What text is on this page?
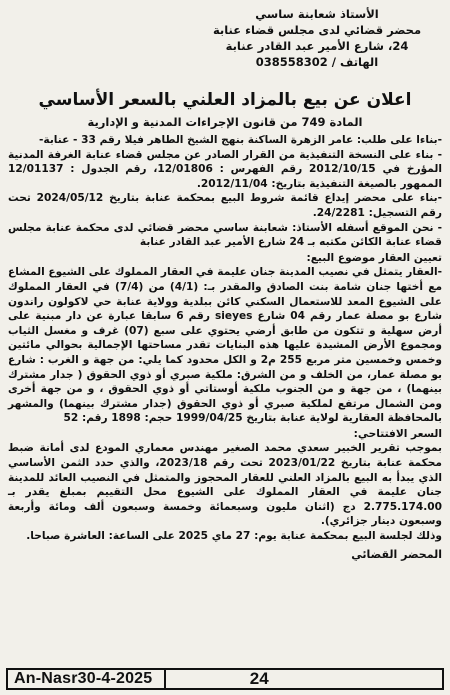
الأستاذ شعابنة ساسي
محضر قضائي لدى مجلس قضاء عنابة
24، شارع الأمير عبد القادر عنابة
الهاتف / 038558302
اعلان عن بيع بالمزاد العلني بالسعر الأساسي
المادة 749 من قانون الإجراءات المدنية و الإدارية

-بناءا على طلب: عامر الزهرة الساكنة بنهج الشيخ الطاهر فيلا رقم 33 - عنابة-

- بناء على النسخة التنفيذية من القرار الصادر عن مجلس قضاء عنابة الغرفة المدنية المؤرخ في 2012/10/15 رقم الفهرس : 12/01806، رقم الجدول : 12/01137 الممهور بالصيغة التنفيذية بتاريخ: 2012/11/04.

-بناء على محضر إيداع قائمة شروط البيع بمحكمة عنابة بتاريخ 2024/05/12 تحت رقم التسجيل: 24/2281.

- نحن الموقع أسفله الأستاذ: شعابنة ساسي محضر قضائي لدى محكمة عنابة مجلس قضاء عنابة الكائن مكتبه بـ 24 شارع الأمير عبد القادر عنابة

تعيين العقار موضوع البيع:

-العقار يتمثل في نصيب المدينة جنان عليمة في العقار المملوك على الشيوع المشاع مع أختها جنان شامة بنت الصادق والمقدر بـ: (4/1) من (7/4) في العقار المملوك على الشيوع المعد للاستعمال السكني كائن ببلدية وولاية عنابة حي لاكولون راندون شارع بو مصلة عمار رقم 04 شارع sieyes رقم 6 سابقا عبارة عن دار مبنية على أرض سهلية و تتكون من طابق أرضي يحتوي على سبع (07) غرف و مغسل الثياب ومجموع الأرض المشيدة عليها هذه البنايات تقدر مساحتها الإجمالية بحوالي مائتين وخمس وخمسين متر مربع 255 م2 و الكل محدود كما يلي: من جهة و الغرب : شارع بو مصلة عمار، من الخلف و من الشرق: ملكية صبري أو ذوي الحقوق ( جدار مشترك بينهما) ، من جهة و من الجنوب ملكية أوستاتي أو ذوي الحقوق ، و من جهة أخرى ومن الشمال مرتفع لملكية صبري أو ذوي الحقوق (جدار مشترك بينهما) والمشهر بالمحافظة العقارية لولاية عنابة بتاريخ 1999/04/25 حجم: 1898 رقم: 52

السعر الافتتاحي:

بموجب تقرير الخبير سعدي محمد الصغير مهندس معماري المودع لدى أمانة ضبط محكمة عنابة بتاريخ 2023/01/22 تحت رقم 2023/18، والذي حدد الثمن الأساسي الذي يبدأ به البيع بالمزاد العلني للعقار المحجوز والمتمثل في النصيب العائد للمدينة جنان عليمة في العقار المملوك على الشيوع محل التقييم بمبلغ يقدر بـ 2.775.174.00 دج (اثنان مليون وسبعمائة وخمسة وسبعون ألف ومائة وأربعة وسبعون دينار جزائري).

وذلك لجلسة البيع بمحكمة عنابة يوم: 27 ماي 2025 على الساعة: العاشرة صباحا.

المحضر القضائي
An-Nasr30-4-2025	24
